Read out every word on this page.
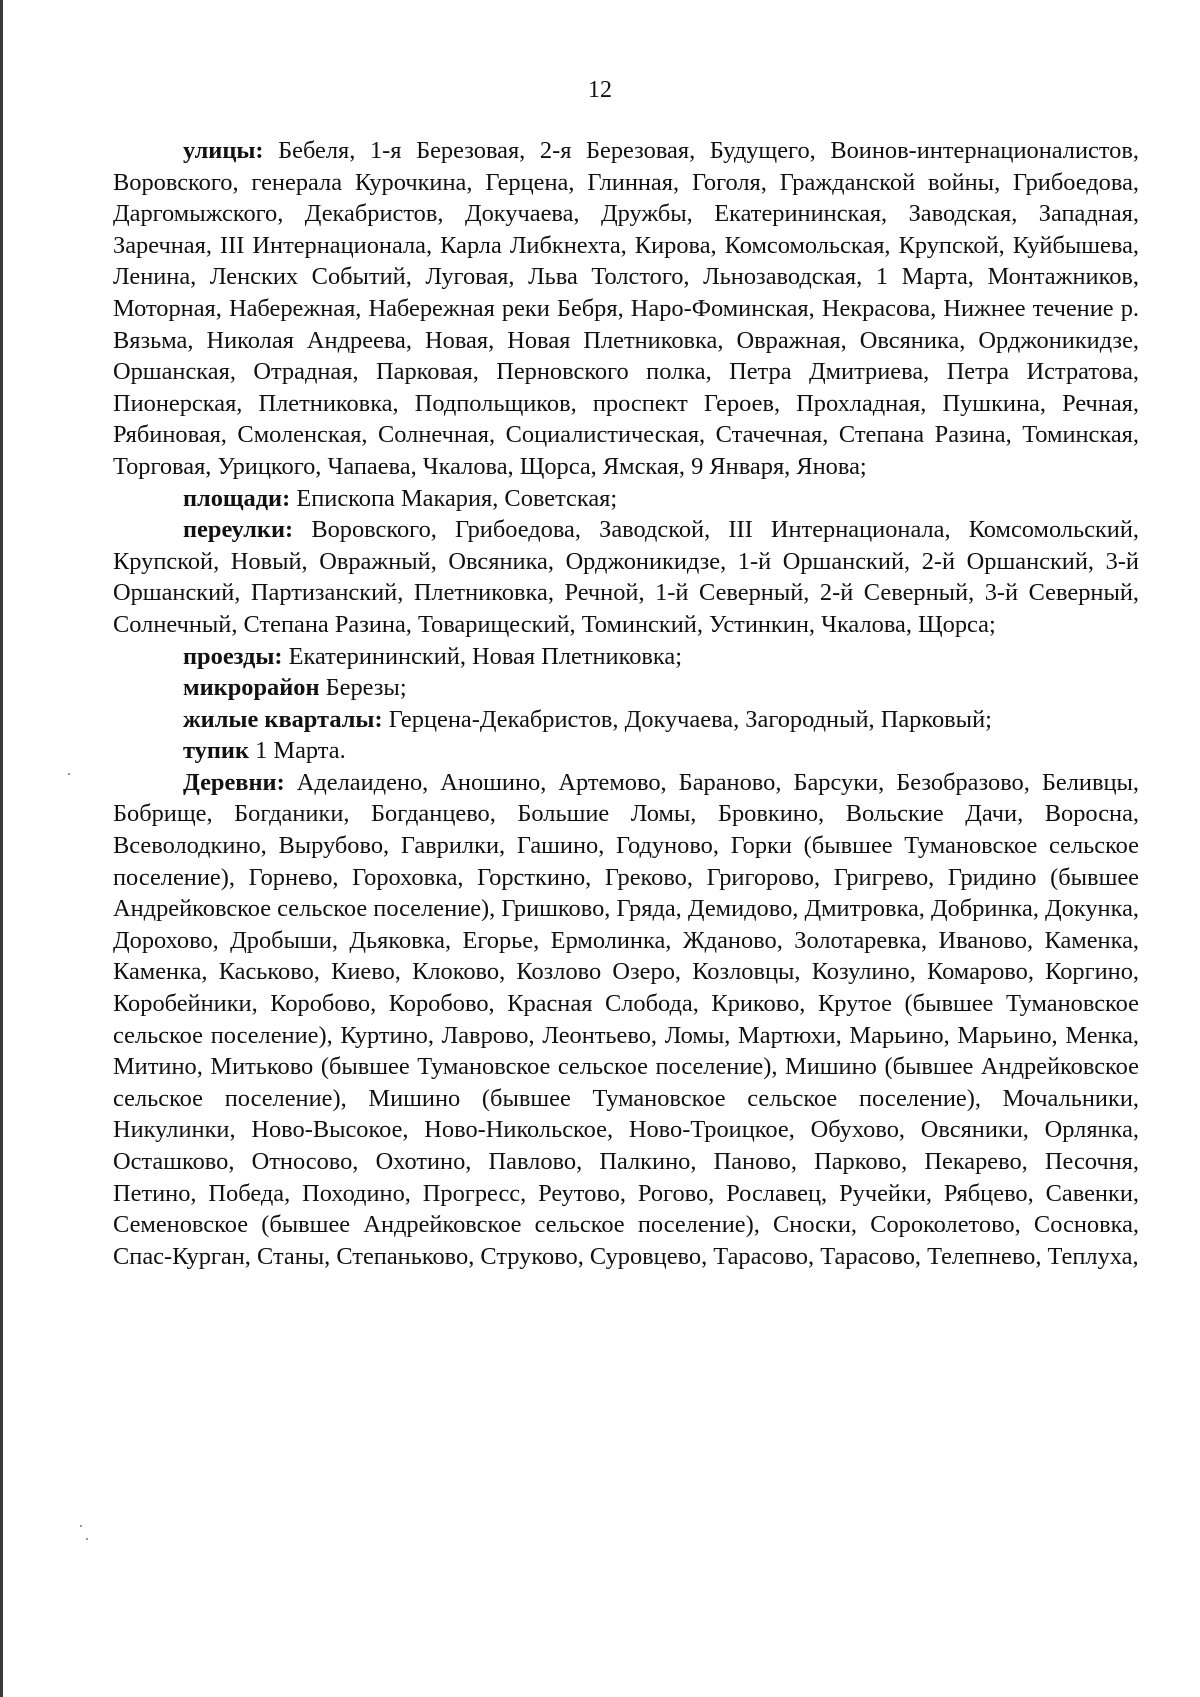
12

улицы: Бебеля, 1-я Березовая, 2-я Березовая, Будущего, Воинов-интернационалистов, Воровского, генерала Курочкина, Герцена, Глинная, Гоголя, Гражданской войны, Грибоедова, Даргомыжского, Декабристов, Докучаева, Дружбы, Екатерининская, Заводская, Западная, Заречная, III Интернационала, Карла Либкнехта, Кирова, Комсомольская, Крупской, Куйбышева, Ленина, Ленских Событий, Луговая, Льва Толстого, Льнозаводская, 1 Марта, Монтажников, Моторная, Набережная, Набережная реки Бебря, Наро-Фоминская, Некрасова, Нижнее течение р. Вязьма, Николая Андреева, Новая, Новая Плетниковка, Овражная, Овсяника, Орджоникидзе, Оршанская, Отрадная, Парковая, Перновского полка, Петра Дмитриева, Петра Истратова, Пионерская, Плетниковка, Подпольщиков, проспект Героев, Прохладная, Пушкина, Речная, Рябиновая, Смоленская, Солнечная, Социалистическая, Стачечная, Степана Разина, Томинская, Торговая, Урицкого, Чапаева, Чкалова, Щорса, Ямская, 9 Января, Янова;

площади: Епископа Макария, Советская;

переулки: Воровского, Грибоедова, Заводской, III Интернационала, Комсомольский, Крупской, Новый, Овражный, Овсяника, Орджоникидзе, 1-й Оршанский, 2-й Оршанский, 3-й Оршанский, Партизанский, Плетниковка, Речной, 1-й Северный, 2-й Северный, 3-й Северный, Солнечный, Степана Разина, Товарищеский, Томинский, Устинкин, Чкалова, Щорса;

проезды: Екатерининский, Новая Плетниковка;

микрорайон Березы;

жилые кварталы: Герцена-Декабристов, Докучаева, Загородный, Парковый;

тупик 1 Марта.

Деревни: Аделаидено, Аношино, Артемово, Бараново, Барсуки, Безобразово, Беливцы, Бобрище, Богданики, Богданцево, Большие Ломы, Бровкино, Вольские Дачи, Воросна, Всеволодкино, Вырубово, Гаврилки, Гашино, Годуново, Горки (бывшее Тумановское сельское поселение), Горнево, Гороховка, Горсткино, Греково, Григорово, Григрево, Гридино (бывшее Андрейковское сельское поселение), Гришково, Гряда, Демидово, Дмитровка, Добринка, Докунка, Дорохово, Дробыши, Дьяковка, Егорье, Ермолинка, Жданово, Золотаревка, Иваново, Каменка, Каменка, Каськово, Киево, Клоково, Козлово Озеро, Козловцы, Козулино, Комарово, Коргино, Коробейники, Коробово, Коробово, Красная Слобода, Криково, Крутое (бывшее Тумановское сельское поселение), Куртино, Лаврово, Леонтьево, Ломы, Мартюхи, Марьино, Марьино, Менка, Митино, Митьково (бывшее Тумановское сельское поселение), Мишино (бывшее Андрейковское сельское поселение), Мишино (бывшее Тумановское сельское поселение), Мочальники, Никулинки, Ново-Высокое, Ново-Никольское, Ново-Троицкое, Обухово, Овсяники, Орлянка, Осташково, Относово, Охотино, Павлово, Палкино, Паново, Парково, Пекарево, Песочня, Петино, Победа, Походино, Прогресс, Реутово, Рогово, Рославец, Ручейки, Рябцево, Савенки, Семеновское (бывшее Андрейковское сельское поселение), Сноски, Сороколетово, Сосновка, Спас-Курган, Станы, Степаньково, Струково, Суровцево, Тарасово, Тарасово, Телепнево, Теплуха,
